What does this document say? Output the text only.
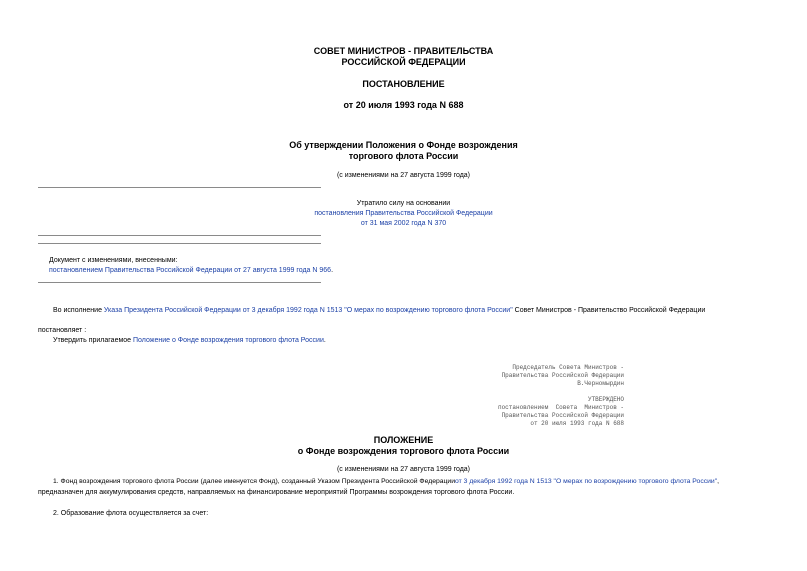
СОВЕТ МИНИСТРОВ - ПРАВИТЕЛЬСТВА
РОССИЙСКОЙ ФЕДЕРАЦИИ
ПОСТАНОВЛЕНИЕ
от 20 июля 1993 года N 688
Об утверждении Положения о Фонде возрождения
торгового флота России
(с изменениями на 27 августа 1999 года)
Утратило силу на основании
постановления Правительства Российской Федерации
от 31 мая 2002 года N 370
Документ с изменениями, внесенными:
постановлением Правительства Российской Федерации от 27 августа 1999 года N 966.
Во исполнение Указа Президента Российской Федерации от 3 декабря 1992 года N 1513 "О мерах по возрождению торгового флота России" Совет Министров - Правительство Российской Федерации
постановляет :
Утвердить прилагаемое Положение о Фонде возрождения торгового флота России.
Председатель Совета Министров -
Правительства Российской Федерации
В.Черномырдин
УТВЕРЖДЕНО
постановлением  Совета  Министров -
Правительства Российской Федерации
от 20 июля 1993 года N 688
ПОЛОЖЕНИЕ
о Фонде возрождения торгового флота России
(с изменениями на 27 августа 1999 года)
1. Фонд возрождения торгового флота России (далее именуется Фонд), созданный Указом Президента Российской Федерацииот 3 декабря 1992 года N 1513 "О мерах по возрождению торгового флота России",
предназначен для аккумулирования средств, направляемых на финансирование мероприятий Программы возрождения торгового флота России.
2. Образование флота осуществляется за счет:
